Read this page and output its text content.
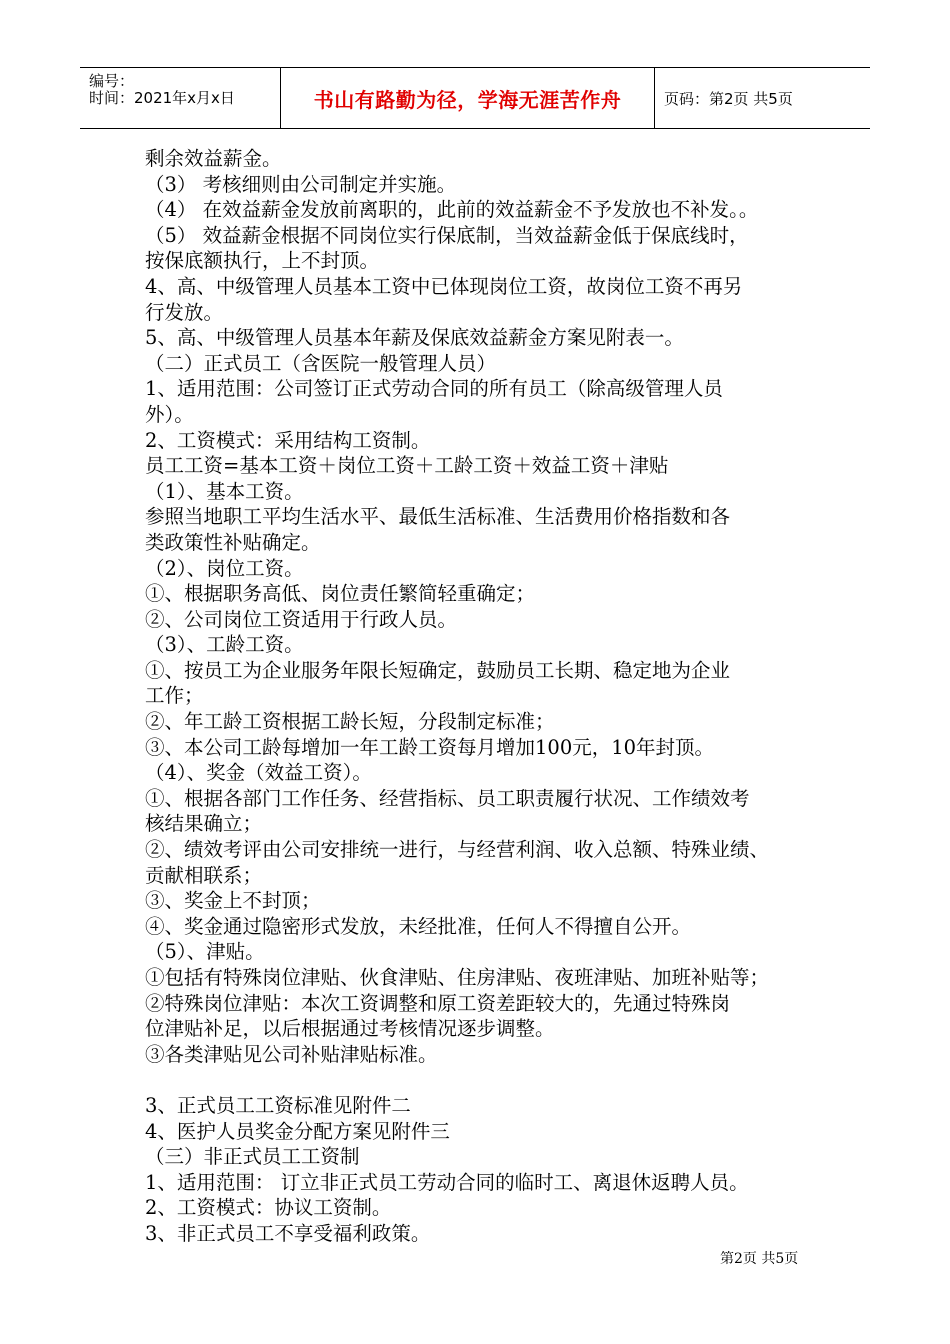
编号：
时间：2021年x月x日	书山有路勤为径，学海无涯苦作舟	页码：第2页 共5页
剩余效益薪金。
（3） 考核细则由公司制定并实施。
（4） 在效益薪金发放前离职的，此前的效益薪金不予发放也不补发。。
（5） 效益薪金根据不同岗位实行保底制，当效益薪金低于保底线时，
按保底额执行，上不封顶。
4、高、中级管理人员基本工资中已体现岗位工资，故岗位工资不再另
行发放。
5、高、中级管理人员基本年薪及保底效益薪金方案见附表一。
（二）正式员工（含医院一般管理人员）
1、适用范围：公司签订正式劳动合同的所有员工（除高级管理人员
外）。
2、工资模式：采用结构工资制。
员工工资=基本工资＋岗位工资＋工龄工资＋效益工资＋津贴
（1）、基本工资。
参照当地职工平均生活水平、最低生活标准、生活费用价格指数和各
类政策性补贴确定。
（2）、岗位工资。
①、根据职务高低、岗位责任繁简轻重确定；
②、公司岗位工资适用于行政人员。
（3）、工龄工资。
①、按员工为企业服务年限长短确定，鼓励员工长期、稳定地为企业
工作；
②、年工龄工资根据工龄长短，分段制定标准；
③、本公司工龄每增加一年工龄工资每月增加100元，10年封顶。
（4）、奖金（效益工资）。
①、根据各部门工作任务、经营指标、员工职责履行状况、工作绩效考
核结果确立；
②、绩效考评由公司安排统一进行，与经营利润、收入总额、特殊业绩、
贡献相联系；
③、奖金上不封顶；
④、奖金通过隐密形式发放，未经批准，任何人不得擅自公开。
（5）、津贴。
①包括有特殊岗位津贴、伙食津贴、住房津贴、夜班津贴、加班补贴等；
②特殊岗位津贴：本次工资调整和原工资差距较大的，先通过特殊岗
位津贴补足，以后根据通过考核情况逐步调整。
③各类津贴见公司补贴津贴标准。
3、正式员工工资标准见附件二
4、医护人员奖金分配方案见附件三
（三）非正式员工工资制
1、适用范围： 订立非正式员工劳动合同的临时工、离退休返聘人员。
2、工资模式：协议工资制。
3、非正式员工不享受福利政策。
第2页 共5页
